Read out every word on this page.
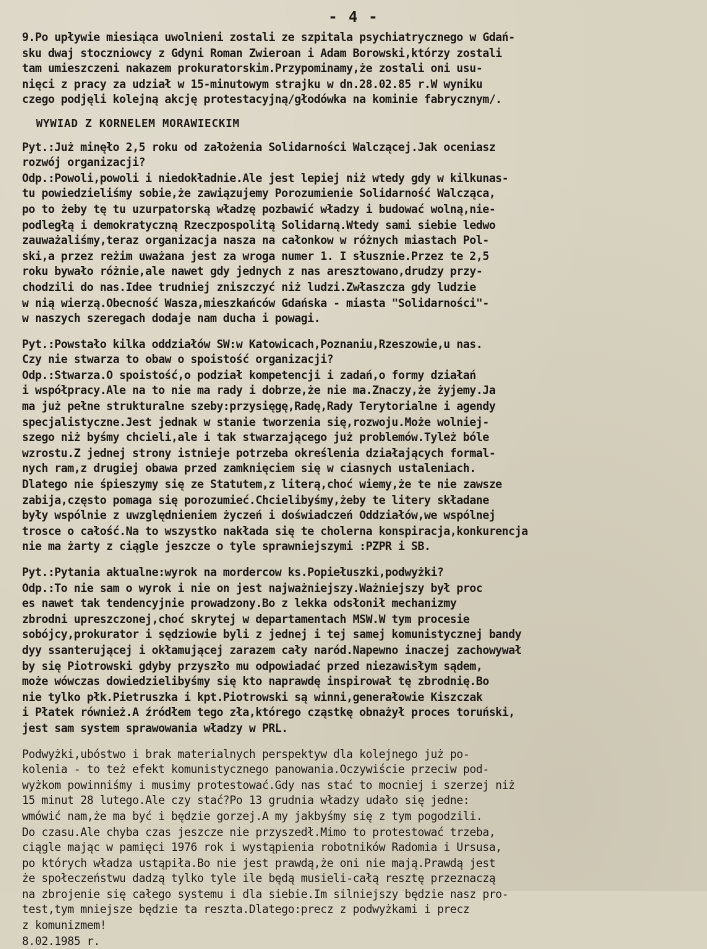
- 4 -

9.Po upływie miesiąca uwolnieni zostali ze szpitala psychiatrycznego w Gdań-

sku dwaj stoczniowcy z Gdyni Roman Zwieroan i Adam Borowski,którzy zostali

tam umieszczeni nakazem prokuratorskim.Przypominamy,że zostali oni usu-

nięci z pracy za udział w 15-minutowym strajku w dn.28.02.85 r.W wyniku

czego podjęli kolejną akcję protestacyjną/głodówka na kominie fabrycznym/.

WYWIAD Z KORNELEM MORAWIECKIM

Pyt.:Już minęło 2,5 roku od założenia Solidarności Walczącej.Jak oceniasz

rozwój organizacji?

Odp.:Powoli,powoli i niedokładnie.Ale jest lepiej niż wtedy gdy w kilkunas-

tu powiedzieliśmy sobie,że zawiązujemy Porozumienie Solidarność Walcząca,

po to żeby tę tu uzurpatorską władzę pozbawić władzy i budować wolną,nie-

podległą i demokratyczną Rzeczpospolitą Solidarną.Wtedy sami siebie ledwo

zauważaliśmy,teraz organizacja nasza na całonkow w różnych miastach Pol-

ski,a przez reżim uważana jest za wroga numer 1. I słusznie.Przez te 2,5

roku bywało różnie,ale nawet gdy jednych z nas aresztowano,drudzy przy-

chodzili do nas.Idee trudniej zniszczyć niż ludzi.Zwłaszcza gdy ludzie

w nią wierzą.Obecność Wasza,mieszkańców Gdańska - miasta "Solidarności"-

w naszych szeregach dodaje nam ducha i powagi.

Pyt.:Powstało kilka oddziałów SW:w Katowicach,Poznaniu,Rzeszowie,u nas.

Czy nie stwarza to obaw o spoistość organizacji?

Odp.:Stwarza.O spoistość,o podział kompetencji i zadań,o formy działań

i współpracy.Ale na to nie ma rady i dobrze,że nie ma.Znaczy,że żyjemy.Ja

ma już pełne strukturalne szeby:przysięgę,Radę,Rady Terytorialne i agendy

specjalistyczne.Jest jednak w stanie tworzenia się,rozwoju.Może wolniej-

szego niż byśmy chcieli,ale i tak stwarzającego już problemów.Tyleż bóle

wzrostu.Z jednej strony istnieje potrzeba określenia działających formal-

nych ram,z drugiej obawa przed zamknięciem się w ciasnych ustaleniach.

Dlatego nie śpieszymy się ze Statutem,z literą,choć wiemy,że te nie zawsze

zabija,często pomaga się porozumieć.Chcielibyśmy,żeby te litery składane

były wspólnie z uwzględnieniem życzeń i doświadczeń Oddziałów,we wspólnej

trosce o całość.Na to wszystko nakłada się te cholerna konspiracja,konkurencja

nie ma żarty z ciągle jeszcze o tyle sprawniejszymi :PZPR i SB.

Pyt.:Pytania aktualne:wyrok na mordercow ks.Popiełuszki,podwyżki?

Odp.:To nie sam o wyrok i nie on jest najważniejszy.Ważniejszy był proc

es nawet tak tendencyjnie prowadzony.Bo z lekka odsłonił mechanizmy

zbrodni upreszczonej,choć skrytej w departamentach MSW.W tym procesie

sobójcy,prokurator i sędziowie byli z jednej i tej samej komunistycznej bandy

dyy ssanterującej i okłamującej zarazem cały naród.Napewno inaczej zachowywał

by się Piotrowski gdyby przyszło mu odpowiadać przed niezawisłym sądem,

może wówczas dowiedzielibyśmy się kto naprawdę inspirował tę zbrodnię.Bo

nie tylko płk.Pietruszka i kpt.Piotrowski są winni,generałowie Kiszczak

i Płatek również.A źródłem tego zła,którego cząstkę obnażył proces toruński,

jest sam system sprawowania władzy w PRL.

Podwyżki,ubóstwo i brak materialnych perspektyw dla kolejnego już po-

kolenia - to też efekt komunistycznego panowania.Oczywiście przeciw pod-

wyżkom powinniśmy i musimy protestować.Gdy nas stać to mocniej i szerzej niż

15 minut 28 lutego.Ale czy stać?Po 13 grudnia władzy udało się jedne:

wmówić nam,że ma być i będzie gorzej.A my jakbyśmy się z tym pogodzili.

Do czasu.Ale chyba czas jeszcze nie przyszedł.Mimo to protestować trzeba,

ciągle mając w pamięci 1976 rok i wystąpienia robotników Radomia i Ursusa,

po których władza ustąpiła.Bo nie jest prawdą,że oni nie mają.Prawdą jest

że społeczeństwu dadzą tylko tyle ile będą musieli-całą resztę przeznaczą

na zbrojenie się całego systemu i dla siebie.Im silniejszy będzie nasz pro-

test,tym mniejsze będzie ta reszta.Dlatego:precz z podwyżkami i precz

z komunizmem!

8.02.1985 r.
